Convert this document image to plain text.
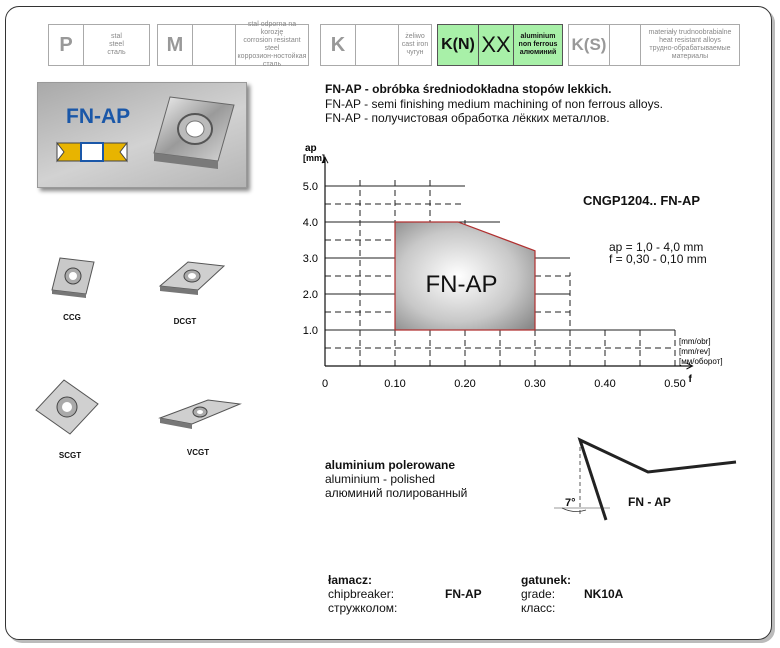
P	stal
steel
сталь	M
stal odporna na korozję
corrosion resistant steel
коррозион-ностойкая
сталь
K	żeliwo
cast iron
чугун K(N) XX	aluminium
non ferrous
алюминий K(S)
materiały trudnoobrabialne
heat resistant alloys
трудно-обрабатываемые
материалы
FN-AP
FN-AP - obróbka średniodokładna stopów lekkich.
FN-AP - semi finishing medium machining of non ferrous alloys.
FN-AP - получистовая обработка лёкких металлов.
CCG	DCGT
SCGT	VCGT
FN-AP
1.0
2.0
3.0
4.0
5.0
0	0.10	0.20	0.30	0.40	0.50
ap
[mm]
f
[mm/obr]
[mm/rev]
[мм/оборот]
CNGP1204.. FN-AP
ap = 1,0 - 4,0 mm
f = 0,30 - 0,10 mm
aluminium polerowane
aluminium - polished
алюминий полированный
7°	FN - AP
łamacz:
chipbreaker:
стружколом:
FN-AP
gatunek:
grade:
класс:
NK10A
